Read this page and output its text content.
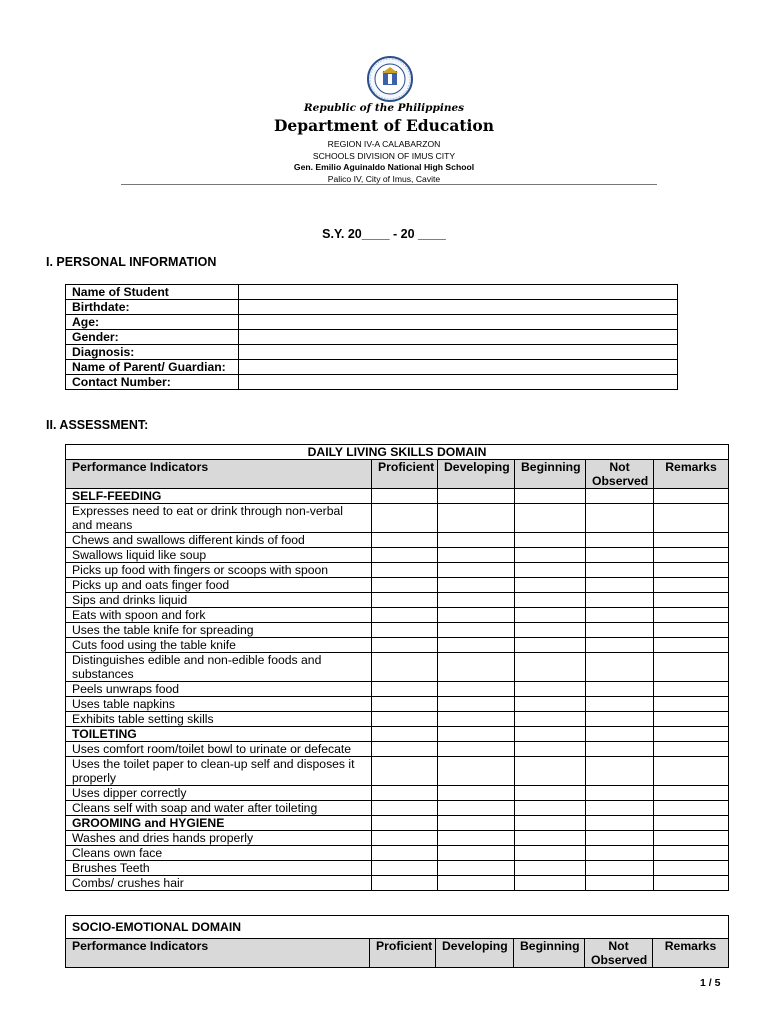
Republic of the Philippines
Department of Education
REGION IV-A CALABARZON
SCHOOLS DIVISION OF IMUS CITY
Gen. Emilio Aguinaldo National High School
Palico IV, City of Imus, Cavite
S.Y. 20____ - 20 ____
I. PERSONAL INFORMATION
Name of Student	
Birthdate:	
Age:	
Gender:	
Diagnosis:	
Name of Parent/ Guardian:	
Contact Number:	
II. ASSESSMENT:
DAILY LIVING SKILLS DOMAIN					
Performance Indicators	Proficient	Developing	Beginning	Not Observed	Remarks
SELF-FEEDING					
Expresses need to eat or drink through non-verbal and means					
Chews and swallows different kinds of food					
Swallows liquid like soup					
Picks up food with fingers or scoops with spoon					
Picks up and oats finger food					
Sips and drinks liquid					
Eats with spoon and fork					
Uses the table knife for spreading					
Cuts food using the table knife					
Distinguishes edible and non-edible foods and substances					
Peels unwraps food					
Uses table napkins					
Exhibits table setting skills					
TOILETING					
Uses comfort room/toilet bowl to urinate or defecate					
Uses the toilet paper to clean-up self and disposes it properly					
Uses dipper correctly					
Cleans self with soap and water after toileting					
GROOMING and HYGIENE					
Washes and dries hands properly					
Cleans own face					
Brushes Teeth					
Combs/ crushes hair					
SOCIO-EMOTIONAL DOMAIN
Performance Indicators	Proficient	Developing	Beginning	Not Observed	Remarks
1 / 5
